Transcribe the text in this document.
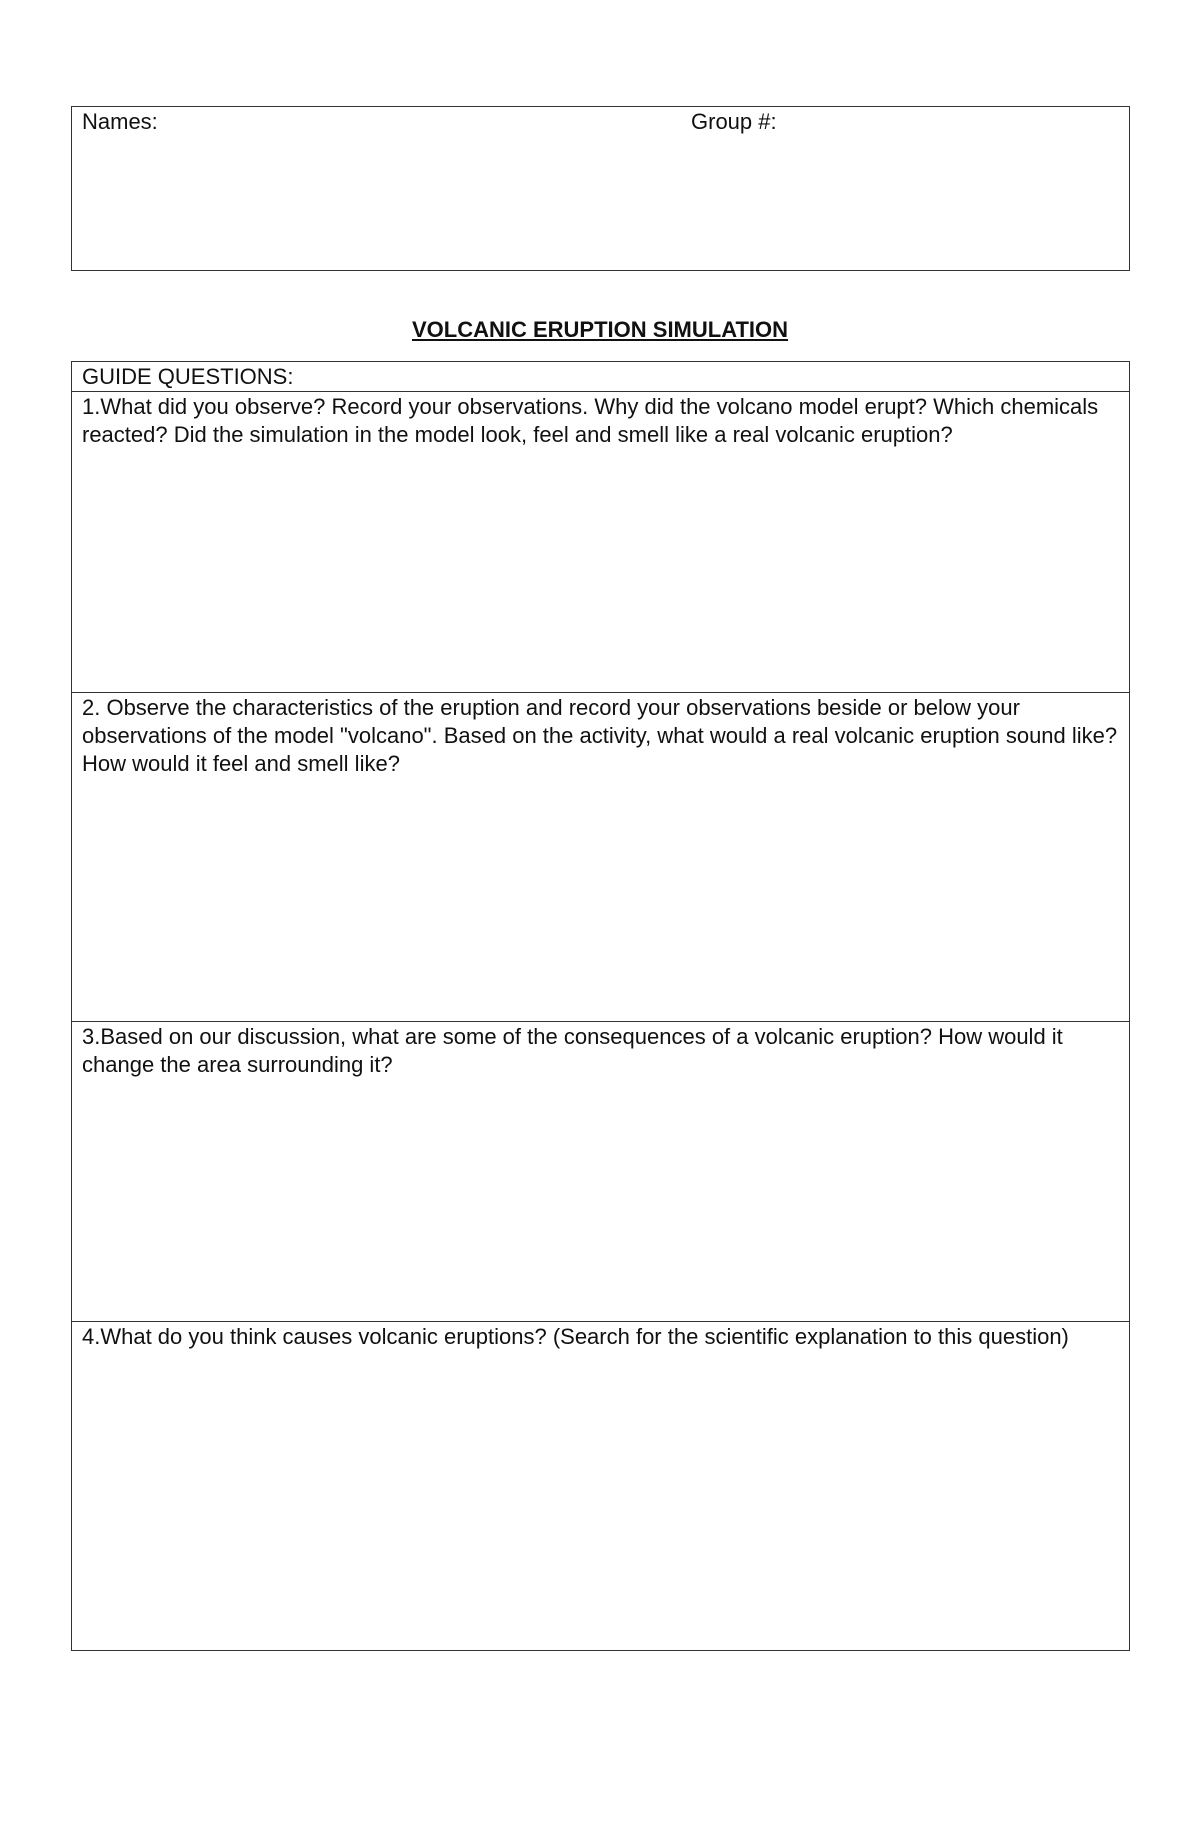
Names:	Group #:
VOLCANIC ERUPTION SIMULATION
GUIDE QUESTIONS:
1.What did you observe? Record your observations. Why did the volcano model erupt? Which chemicals reacted? Did the simulation in the model look, feel and smell like a real volcanic eruption?
2. Observe the characteristics of the eruption and record your observations beside or below your observations of the model "volcano". Based on the activity, what would a real volcanic eruption sound like? How would it feel and smell like?
3.Based on our discussion, what are some of the consequences of a volcanic eruption? How would it change the area surrounding it?
4.What do you think causes volcanic eruptions? (Search for the scientific explanation to this question)
